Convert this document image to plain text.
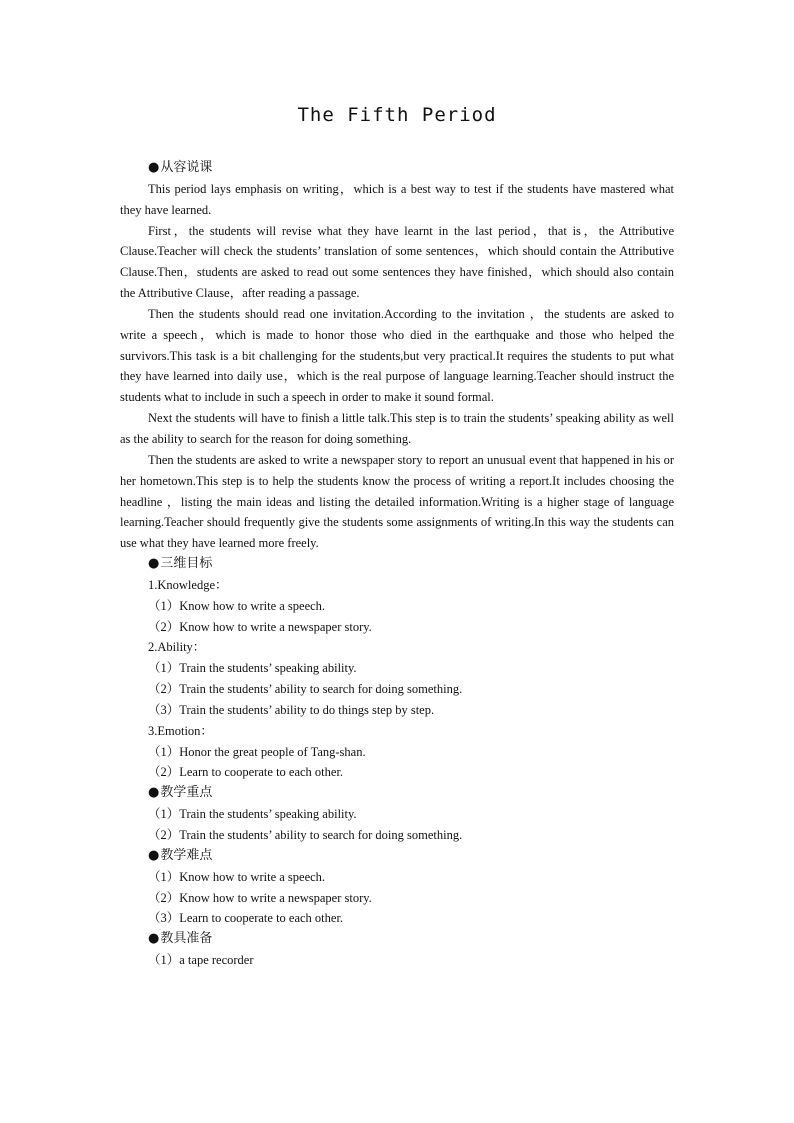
The Fifth Period
●从容说课
This period lays emphasis on writing，which is a best way to test if the students have mastered what they have learned.
First，the students will revise what they have learnt in the last period，that is，the Attributive Clause.Teacher will check the students’ translation of some sentences，which should contain the Attributive Clause.Then，students are asked to read out some sentences they have finished，which should also contain the Attributive Clause，after reading a passage.
Then the students should read one invitation.According to the invitation ，the students are asked to write a speech，which is made to honor those who died in the earthquake and those who helped the survivors.This task is a bit challenging for the students,but very practical.It requires the students to put what they have learned into daily use，which is the real purpose of language learning.Teacher should instruct the students what to include in such a speech in order to make it sound formal.
Next the students will have to finish a little talk.This step is to train the students’ speaking ability as well as the ability to search for the reason for doing something.
Then the students are asked to write a newspaper story to report an unusual event that happened in his or her hometown.This step is to help the students know the process of writing a report.It includes choosing the headline ，listing the main ideas and listing the detailed information.Writing is a higher stage of language learning.Teacher should frequently give the students some assignments of writing.In this way the students can use what they have learned more freely.
●三维目标
1.Knowledge：
（1）Know how to write a speech.
（2）Know how to write a newspaper story.
2.Ability：
（1）Train the students’ speaking ability.
（2）Train the students’ ability to search for doing something.
（3）Train the students’ ability to do things step by step.
3.Emotion：
（1）Honor the great people of Tang-shan.
（2）Learn to cooperate to each other.
●教学重点
（1）Train the students’ speaking ability.
（2）Train the students’ ability to search for doing something.
●教学难点
（1）Know how to write a speech.
（2）Know how to write a newspaper story.
（3）Learn to cooperate to each other.
●教具准备
（1）a tape recorder
